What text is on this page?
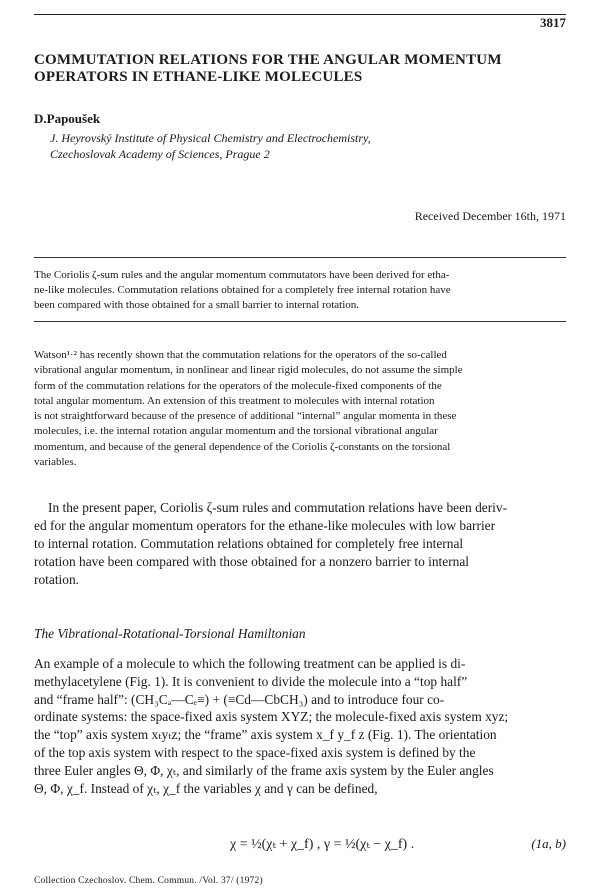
3817
COMMUTATION RELATIONS FOR THE ANGULAR MOMENTUM
OPERATORS IN ETHANE-LIKE MOLECULES
D.Papoušek
J. Heyrovský Institute of Physical Chemistry and Electrochemistry,
Czechoslovak Academy of Sciences, Prague 2
Received December 16th, 1971
The Coriolis ζ-sum rules and the angular momentum commutators have been derived for etha-
ne-like molecules. Commutation relations obtained for a completely free internal rotation have
been compared with those obtained for a small barrier to internal rotation.
Watson¹·² has recently shown that the commutation relations for the operators of the so-called
vibrational angular momentum, in nonlinear and linear rigid molecules, do not assume the simple
form of the commutation relations for the operators of the molecule-fixed components of the
total angular momentum. An extension of this treatment to molecules with internal rotation
is not straightforward because of the presence of additional “internal” angular momenta in these
molecules, i.e. the internal rotation angular momentum and the torsional vibrational angular
momentum, and because of the general dependence of the Coriolis ζ-constants on the torsional
variables.
In the present paper, Coriolis ζ-sum rules and commutation relations have been deriv-
ed for the angular momentum operators for the ethane-like molecules with low barrier
to internal rotation. Commutation relations obtained for completely free internal
rotation have been compared with those obtained for a nonzero barrier to internal
rotation.
The Vibrational-Rotational-Torsional Hamiltonian
An example of a molecule to which the following treatment can be applied is di-
methylacetylene (Fig. 1). It is convenient to divide the molecule into a “top half”
and “frame half”: (CH₃Cₐ—Cₑ≡) + (≡Cd—CbCH₃) and to introduce four co-
ordinate systems: the space-fixed axis system XYZ; the molecule-fixed axis system xyz;
the “top” axis system xₜyₜz; the “frame” axis system x_f y_f z (Fig. 1). The orientation
of the top axis system with respect to the space-fixed axis system is defined by the
three Euler angles Θ, Φ, χₜ, and similarly of the frame axis system by the Euler angles
Θ, Φ, χ_f. Instead of χₜ, χ_f the variables χ and γ can be defined,
χ = ½(χₜ + χ_f) , γ = ½(χₜ − χ_f) .	(1a, b)
Collection Czechoslov. Chem. Commun. /Vol. 37/ (1972)
